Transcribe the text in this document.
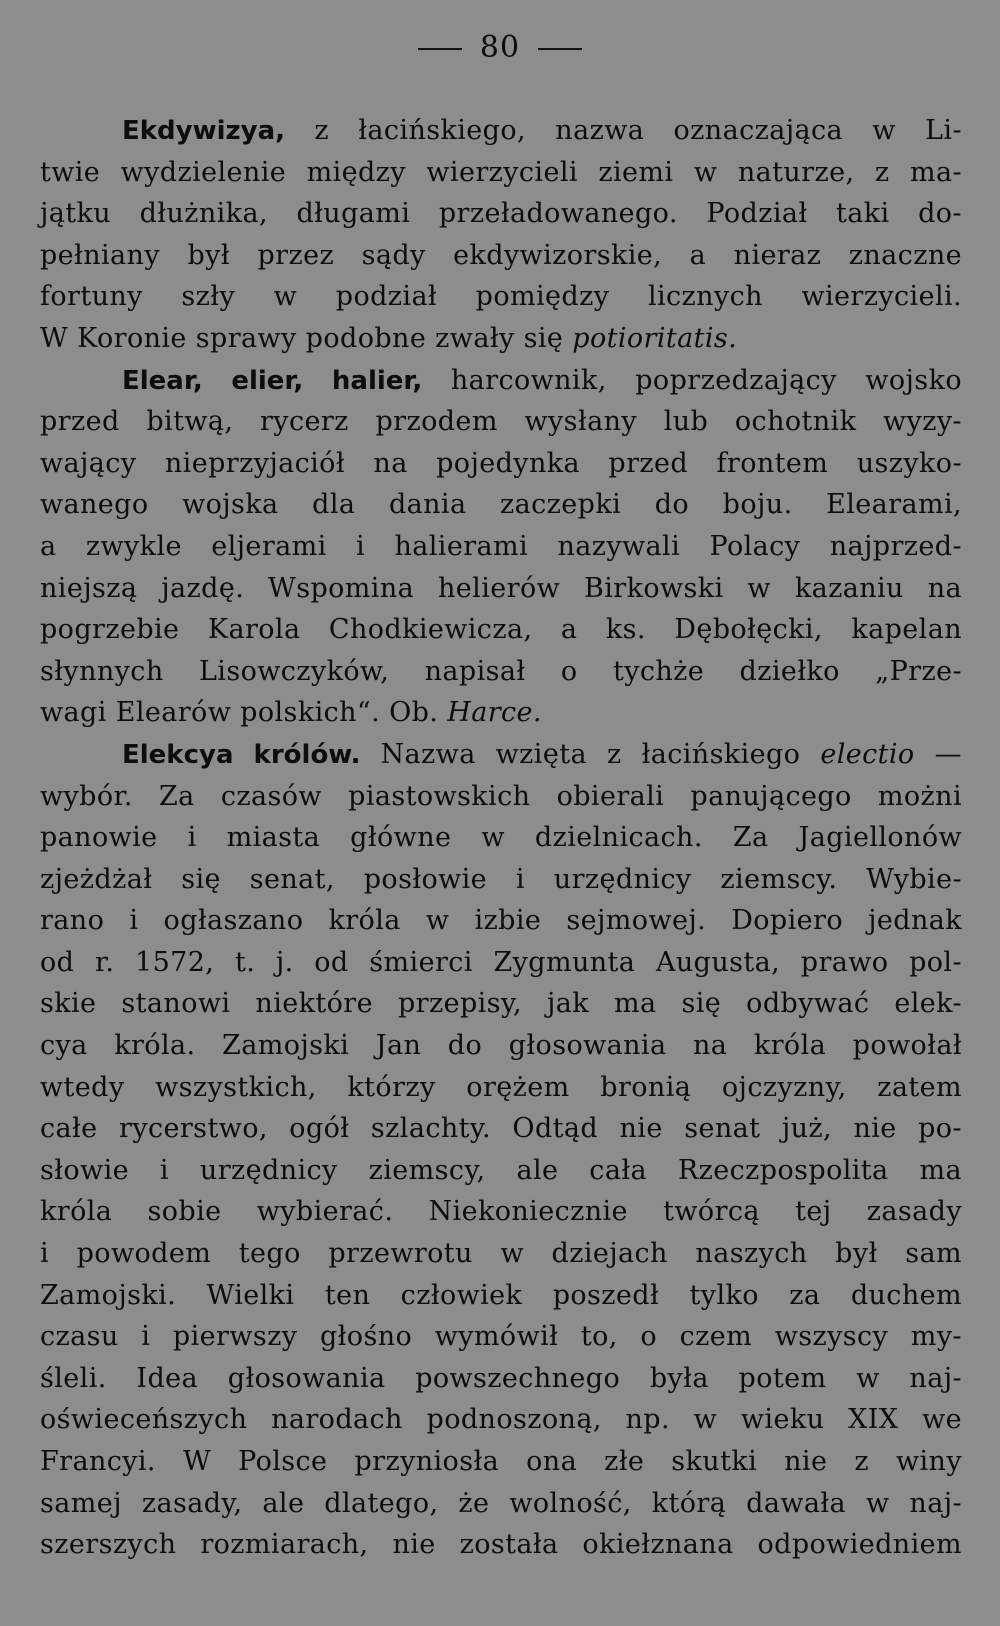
80
Ekdywizya, z łacińskiego, nazwa oznaczająca w Li-
twie wydzielenie między wierzycieli ziemi w naturze, z ma-
jątku dłużnika, długami przeładowanego. Podział taki do-
pełniany był przez sądy ekdywizorskie, a nieraz znaczne
fortuny szły w podział pomiędzy licznych wierzycieli.
W Koronie sprawy podobne zwały się potioritatis.
Elear, elier, halier, harcownik, poprzedzający wojsko
przed bitwą, rycerz przodem wysłany lub ochotnik wyzy-
wający nieprzyjaciół na pojedynka przed frontem uszyko-
wanego wojska dla dania zaczepki do boju. Elearami,
a zwykle eljerami i halierami nazywali Polacy najprzed-
niejszą jazdę. Wspomina helierów Birkowski w kazaniu na
pogrzebie Karola Chodkiewicza, a ks. Dębołęcki, kapelan
słynnych Lisowczyków, napisał o tychże dziełko „Prze-
wagi Elearów polskich“. Ob. Harce.
Elekcya królów. Nazwa wzięta z łacińskiego electio —
wybór. Za czasów piastowskich obierali panującego możni
panowie i miasta główne w dzielnicach. Za Jagiellonów
zjeżdżał się senat, posłowie i urzędnicy ziemscy. Wybie-
rano i ogłaszano króla w izbie sejmowej. Dopiero jednak
od r. 1572, t. j. od śmierci Zygmunta Augusta, prawo pol-
skie stanowi niektóre przepisy, jak ma się odbywać elek-
cya króla. Zamojski Jan do głosowania na króla powołał
wtedy wszystkich, którzy orężem bronią ojczyzny, zatem
całe rycerstwo, ogół szlachty. Odtąd nie senat już, nie po-
słowie i urzędnicy ziemscy, ale cała Rzeczpospolita ma
króla sobie wybierać. Niekoniecznie twórcą tej zasady
i powodem tego przewrotu w dziejach naszych był sam
Zamojski. Wielki ten człowiek poszedł tylko za duchem
czasu i pierwszy głośno wymówił to, o czem wszyscy my-
śleli. Idea głosowania powszechnego była potem w naj-
oświeceńszych narodach podnoszoną, np. w wieku XIX we
Francyi. W Polsce przyniosła ona złe skutki nie z winy
samej zasady, ale dlatego, że wolność, którą dawała w naj-
szerszych rozmiarach, nie została okiełznana odpowiedniem
